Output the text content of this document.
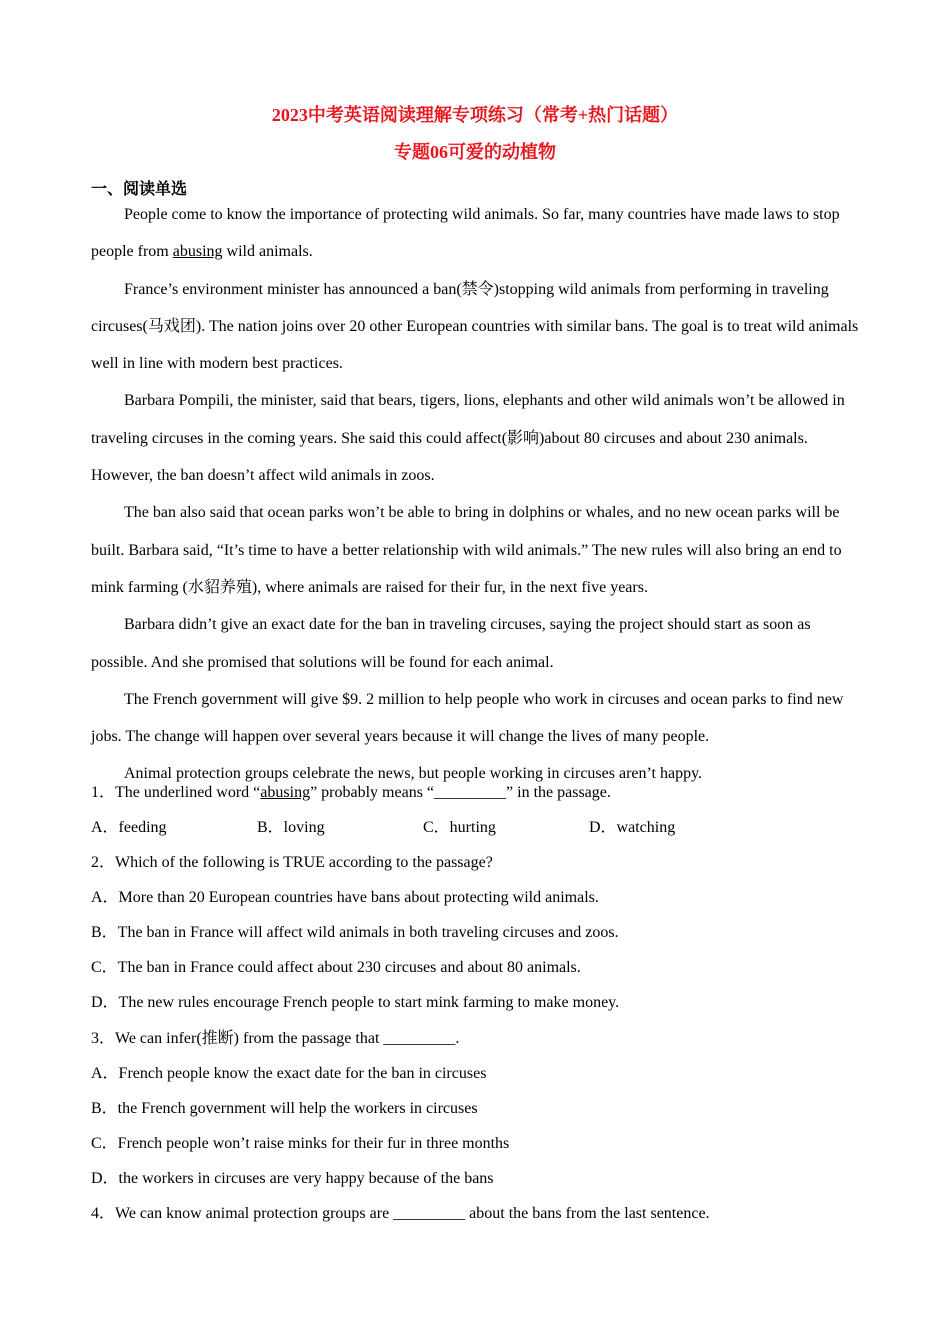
2023中考英语阅读理解专项练习（常考+热门话题）
专题06可爱的动植物
一、阅读单选

People come to know the importance of protecting wild animals. So far, many countries have made laws to stop people from abusing wild animals.

France’s environment minister has announced a ban(禁令)stopping wild animals from performing in traveling circuses(马戏团). The nation joins over 20 other European countries with similar bans. The goal is to treat wild animals well in line with modern best practices.

Barbara Pompili, the minister, said that bears, tigers, lions, elephants and other wild animals won’t be allowed in traveling circuses in the coming years. She said this could affect(影响)about 80 circuses and about 230 animals. However, the ban doesn’t affect wild animals in zoos.

The ban also said that ocean parks won’t be able to bring in dolphins or whales, and no new ocean parks will be built. Barbara said, “It’s time to have a better relationship with wild animals.” The new rules will also bring an end to mink farming (水貂养殖), where animals are raised for their fur, in the next five years.

Barbara didn’t give an exact date for the ban in traveling circuses, saying the project should start as soon as possible. And she promised that solutions will be found for each animal.

The French government will give $9. 2 million to help people who work in circuses and ocean parks to find new jobs. The change will happen over several years because it will change the lives of many people.

Animal protection groups celebrate the news, but people working in circuses aren’t happy.

1．The underlined word “abusing” probably means “_________” in the passage.
A．feeding	B．loving	C．hurting	D．watching
2．Which of the following is TRUE according to the passage?
A．More than 20 European countries have bans about protecting wild animals.
B．The ban in France will affect wild animals in both traveling circuses and zoos.
C．The ban in France could affect about 230 circuses and about 80 animals.
D．The new rules encourage French people to start mink farming to make money.
3．We can infer(推断) from the passage that _________.
A．French people know the exact date for the ban in circuses
B．the French government will help the workers in circuses
C．French people won’t raise minks for their fur in three months
D．the workers in circuses are very happy because of the bans
4．We can know animal protection groups are _________ about the bans from the last sentence.
